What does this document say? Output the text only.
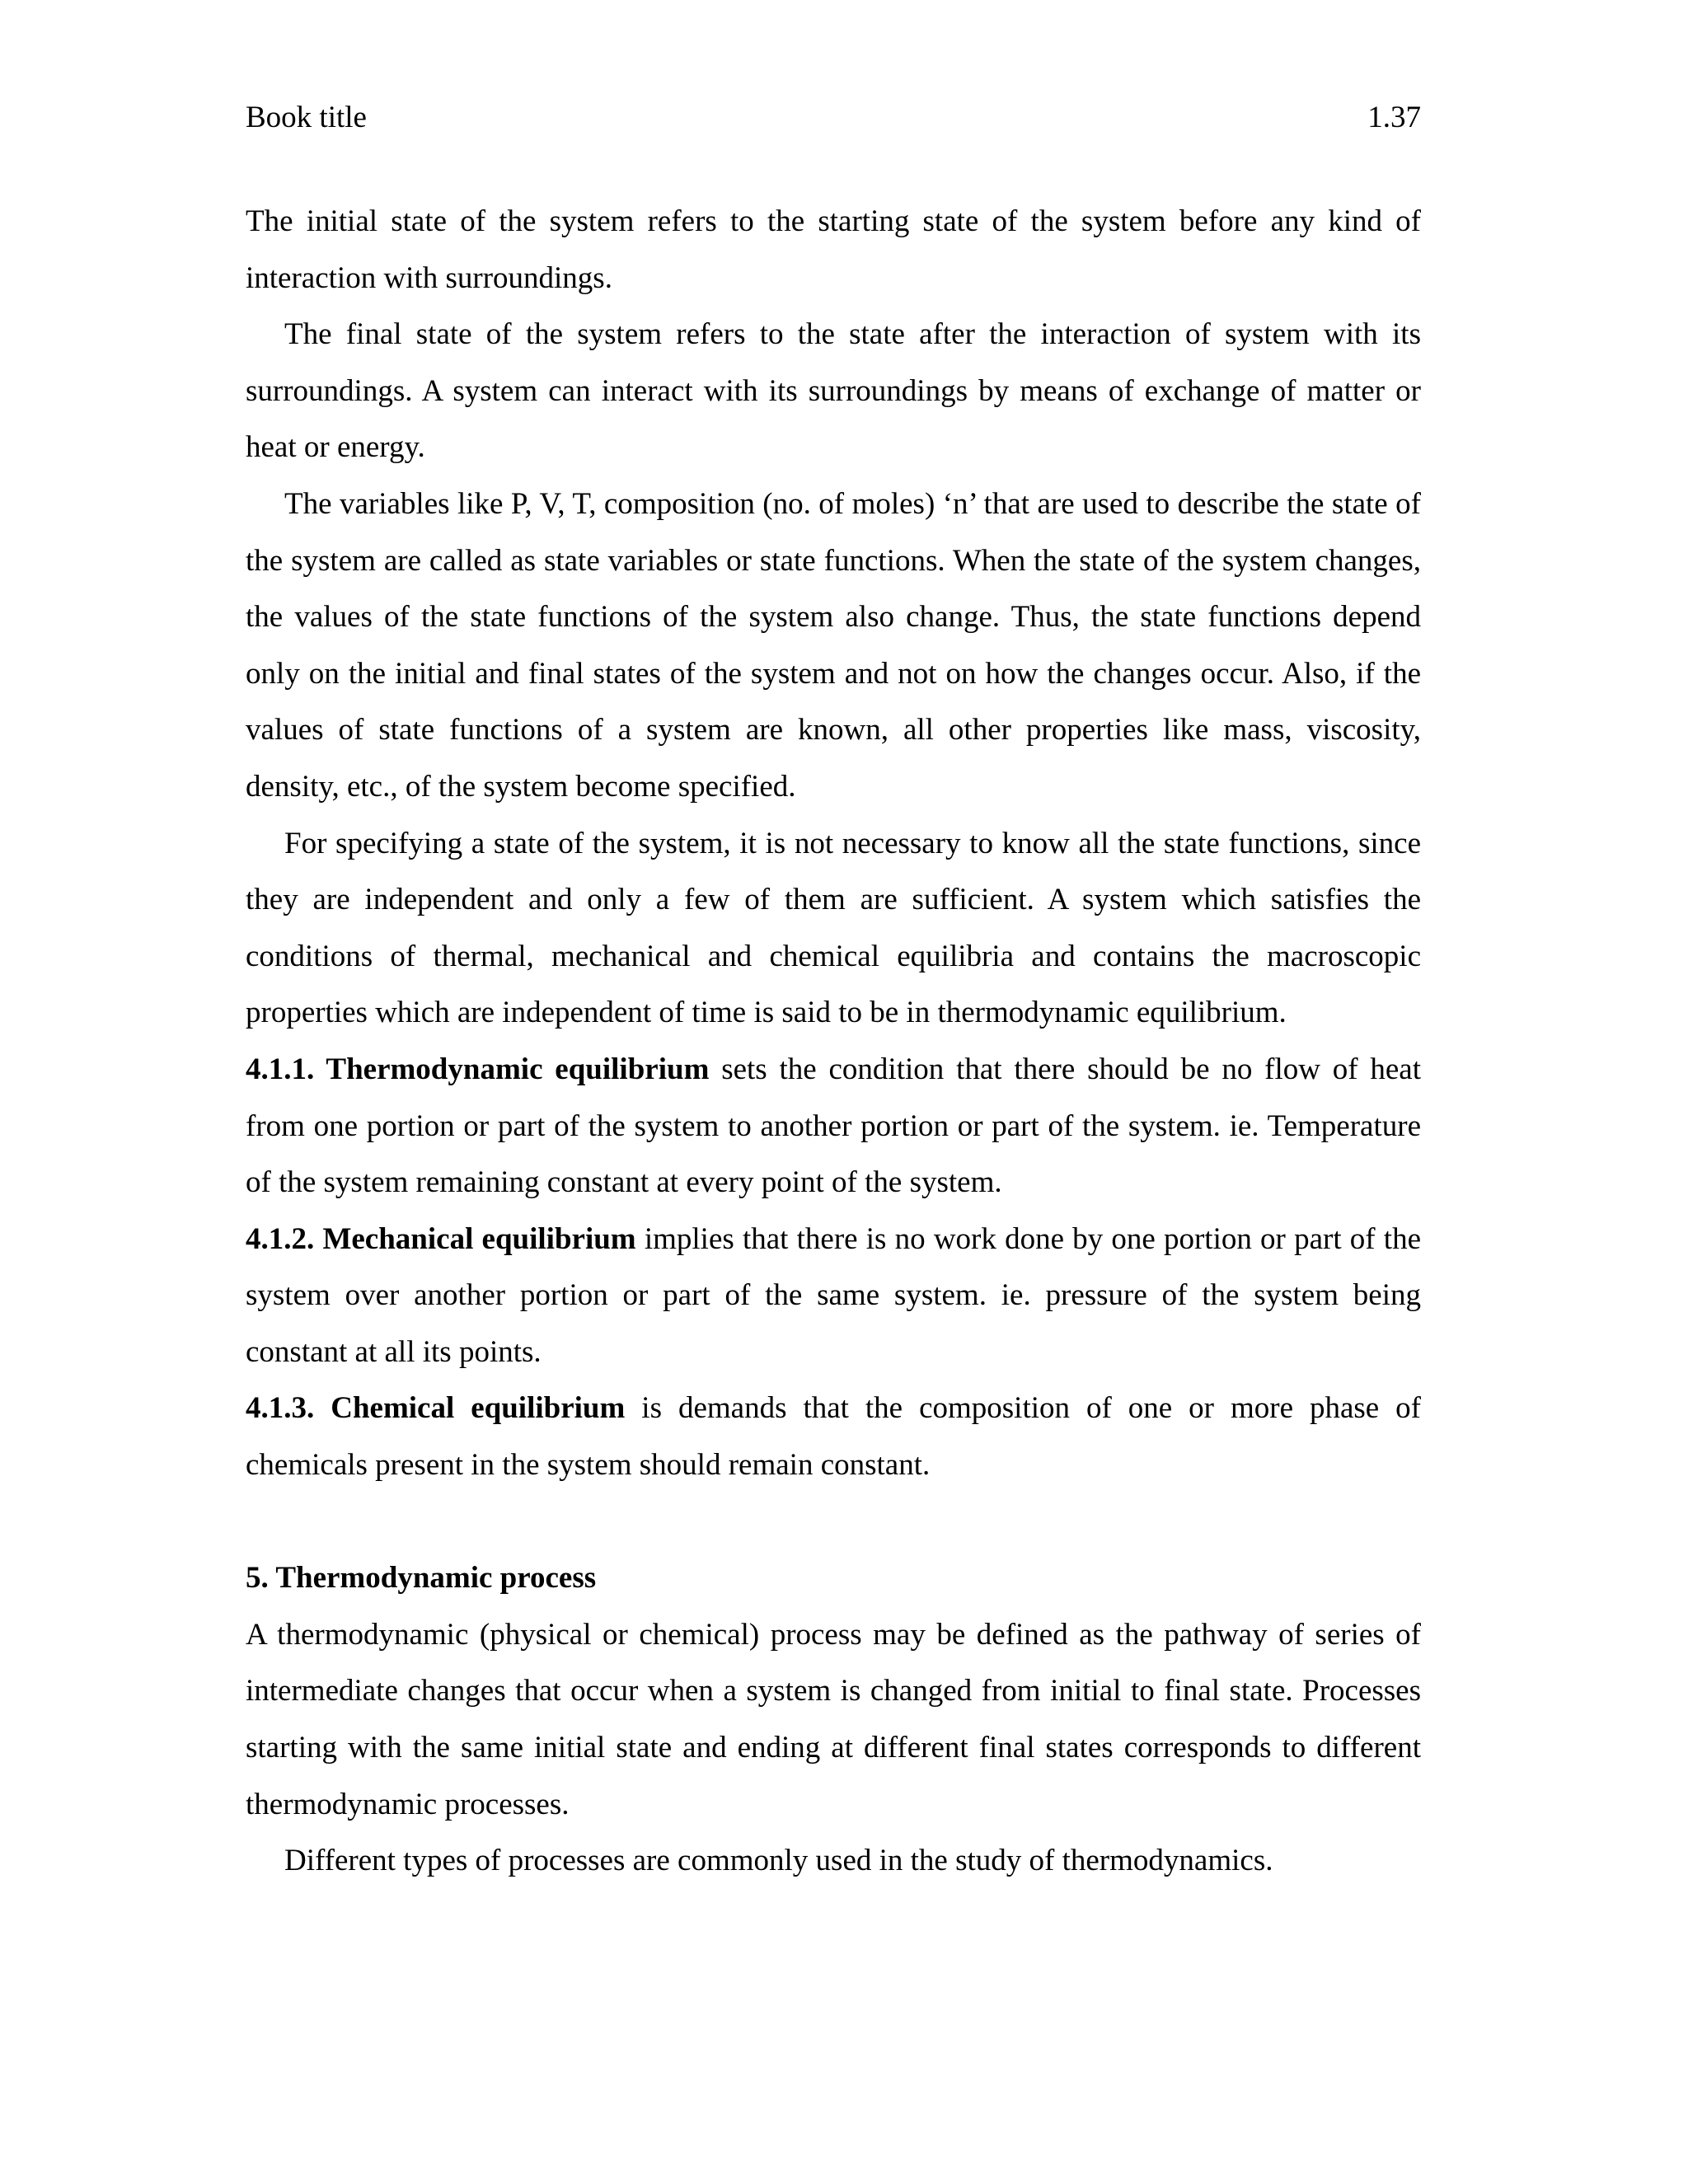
Book title	1.37

The initial state of the system refers to the starting state of the system before any kind of interaction with surroundings.

The final state of the system refers to the state after the interaction of system with its surroundings. A system can interact with its surroundings by means of exchange of matter or heat or energy.

The variables like P, V, T, composition (no. of moles) ‘n’ that are used to describe the state of the system are called as state variables or state functions. When the state of the system changes, the values of the state functions of the system also change. Thus, the state functions depend only on the initial and final states of the system and not on how the changes occur. Also, if the values of state functions of a system are known, all other properties like mass, viscosity, density, etc., of the system become specified.

For specifying a state of the system, it is not necessary to know all the state functions, since they are independent and only a few of them are sufficient. A system which satisfies the conditions of thermal, mechanical and chemical equilibria and contains the macroscopic properties which are independent of time is said to be in thermodynamic equilibrium.

4.1.1. Thermodynamic equilibrium sets the condition that there should be no flow of heat from one portion or part of the system to another portion or part of the system. ie. Temperature of the system remaining constant at every point of the system.

4.1.2. Mechanical equilibrium implies that there is no work done by one portion or part of the system over another portion or part of the same system. ie. pressure of the system being constant at all its points.

4.1.3. Chemical equilibrium is demands that the composition of one or more phase of chemicals present in the system should remain constant.

5. Thermodynamic process

A thermodynamic (physical or chemical) process may be defined as the pathway of series of intermediate changes that occur when a system is changed from initial to final state. Processes starting with the same initial state and ending at different final states corresponds to different thermodynamic processes.

Different types of processes are commonly used in the study of thermodynamics.
